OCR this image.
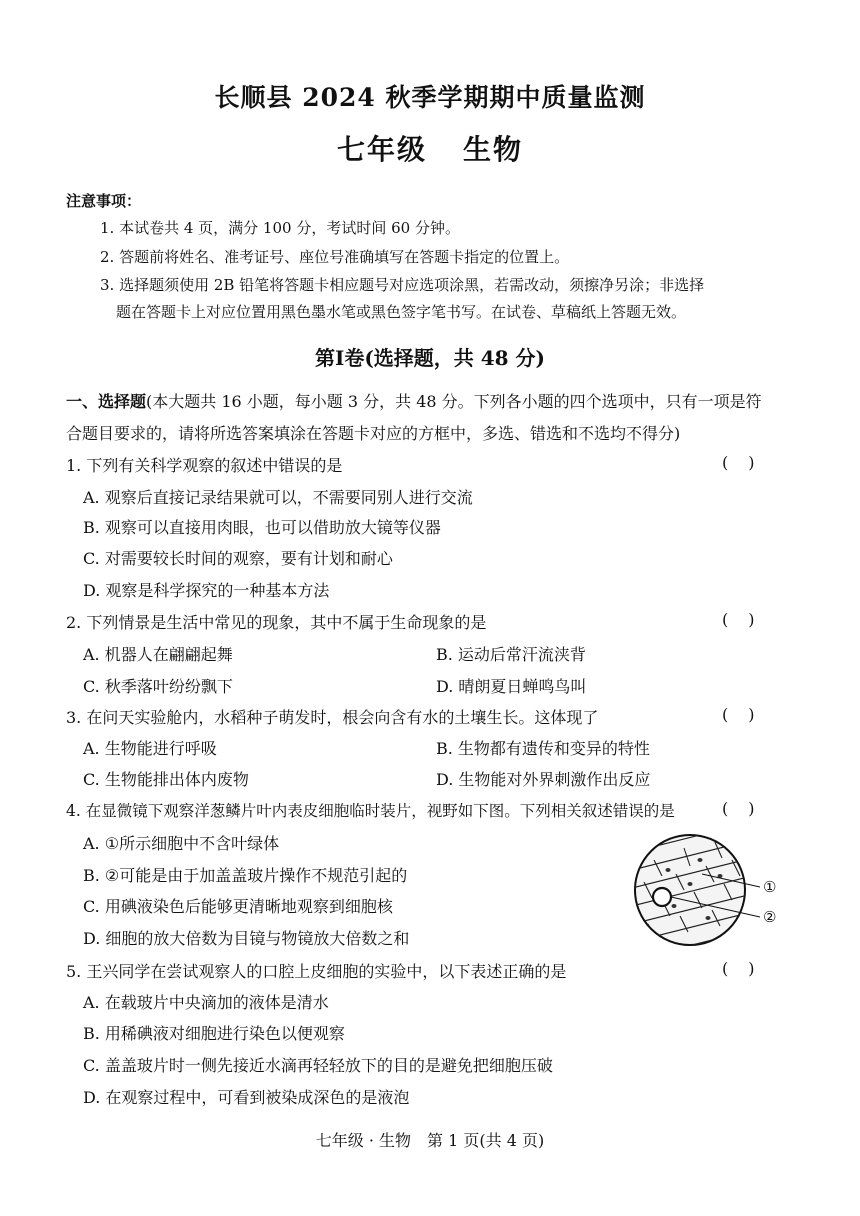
长顺县 2024 秋季学期期中质量监测
七年级 生物
注意事项：
1. 本试卷共 4 页，满分 100 分，考试时间 60 分钟。
2. 答题前将姓名、准考证号、座位号准确填写在答题卡指定的位置上。
3. 选择题须使用 2B 铅笔将答题卡相应题号对应选项涂黑，若需改动，须擦净另涂；非选择
题在答题卡上对应位置用黑色墨水笔或黑色签字笔书写。在试卷、草稿纸上答题无效。
第Ⅰ卷(选择题，共 48 分)
一、选择题(本大题共 16 小题，每小题 3 分，共 48 分。下列各小题的四个选项中，只有一项是符
合题目要求的，请将所选答案填涂在答题卡对应的方框中，多选、错选和不选均不得分)
1. 下列有关科学观察的叙述中错误的是	()
A. 观察后直接记录结果就可以，不需要同别人进行交流
B. 观察可以直接用肉眼，也可以借助放大镜等仪器
C. 对需要较长时间的观察，要有计划和耐心
D. 观察是科学探究的一种基本方法
2. 下列情景是生活中常见的现象，其中不属于生命现象的是	()
A. 机器人在翩翩起舞	B. 运动后常汗流浃背
C. 秋季落叶纷纷飘下	D. 晴朗夏日蝉鸣鸟叫
3. 在问天实验舱内，水稻种子萌发时，根会向含有水的土壤生长。这体现了	()
A. 生物能进行呼吸	B. 生物都有遗传和变异的特性
C. 生物能排出体内废物	D. 生物能对外界刺激作出反应
4. 在显微镜下观察洋葱鳞片叶内表皮细胞临时装片，视野如下图。下列相关叙述错误的是	()
A. ①所示细胞中不含叶绿体
B. ②可能是由于加盖盖玻片操作不规范引起的
C. 用碘液染色后能够更清晰地观察到细胞核
D. 细胞的放大倍数为目镜与物镜放大倍数之和
①
②
5. 王兴同学在尝试观察人的口腔上皮细胞的实验中，以下表述正确的是	()
A. 在载玻片中央滴加的液体是清水
B. 用稀碘液对细胞进行染色以便观察
C. 盖盖玻片时一侧先接近水滴再轻轻放下的目的是避免把细胞压破
D. 在观察过程中，可看到被染成深色的是液泡
七年级 · 生物　第 1 页(共 4 页)
